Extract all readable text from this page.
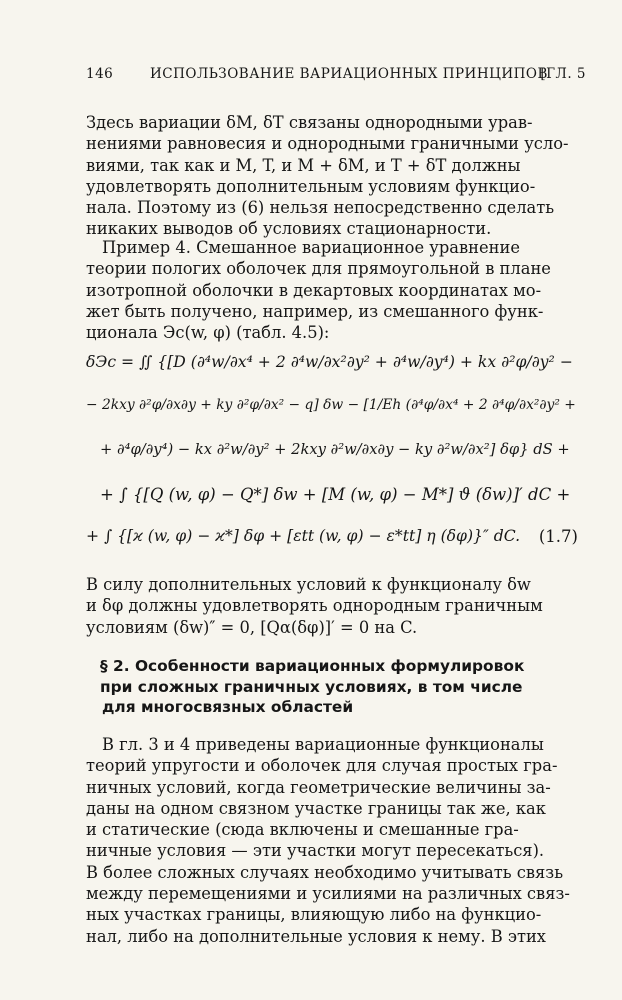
146	ИСПОЛЬЗОВАНИЕ ВАРИАЦИОННЫХ ПРИНЦИПОВ
[ГЛ. 5

Здесь вариации δM, δT связаны однородными урав-
нениями равновесия и однородными граничными усло-
виями, так как и M, T, и M + δM, и T + δT должны
удовлетворять дополнительным условиям функцио-
нала. Поэтому из (6) нельзя непосредственно сделать
никаких выводов об условиях стационарности.

Пример 4. Смешанное вариационное уравнение
теории пологих оболочек для прямоугольной в плане
изотропной оболочки в декартовых координатах мо-
жет быть получено, например, из смешанного функ-
ционала Эc(w, φ) (табл. 4.5):

δЭc = ∬ {[D (∂⁴w/∂x⁴ + 2 ∂⁴w/∂x²∂y² + ∂⁴w/∂y⁴) + kx ∂²φ/∂y² −
− 2kxy ∂²φ/∂x∂y + ky ∂²φ/∂x² − q] δw − [1/Eh (∂⁴φ/∂x⁴ + 2 ∂⁴φ/∂x²∂y² +
+ ∂⁴φ/∂y⁴) − kx ∂²w/∂y² + 2kxy ∂²w/∂x∂y − ky ∂²w/∂x²] δφ} dS +
+ ∫ {[Q (w, φ) − Q*] δw + [M (w, φ) − M*] ϑ (δw)]′ dC +
+ ∫ {[ϰ (w, φ) − ϰ*] δφ + [εtt (w, φ) − ε*tt] η (δφ)}″ dC. (1.7)

В силу дополнительных условий к функционалу δw
и δφ должны удовлетворять однородным граничным
условиям (δw)″ = 0, [Qα(δφ)]′ = 0 на C.

§ 2. Особенности вариационных формулировок
при сложных граничных условиях, в том числе
для многосвязных областей

В гл. 3 и 4 приведены вариационные функционалы
теорий упругости и оболочек для случая простых гра-
ничных условий, когда геометрические величины за-
даны на одном связном участке границы так же, как
и статические (сюда включены и смешанные гра-
ничные условия — эти участки могут пересекаться).
В более сложных случаях необходимо учитывать связь
между перемещениями и усилиями на различных связ-
ных участках границы, влияющую либо на функцио-
нал, либо на дополнительные условия к нему. В этих
